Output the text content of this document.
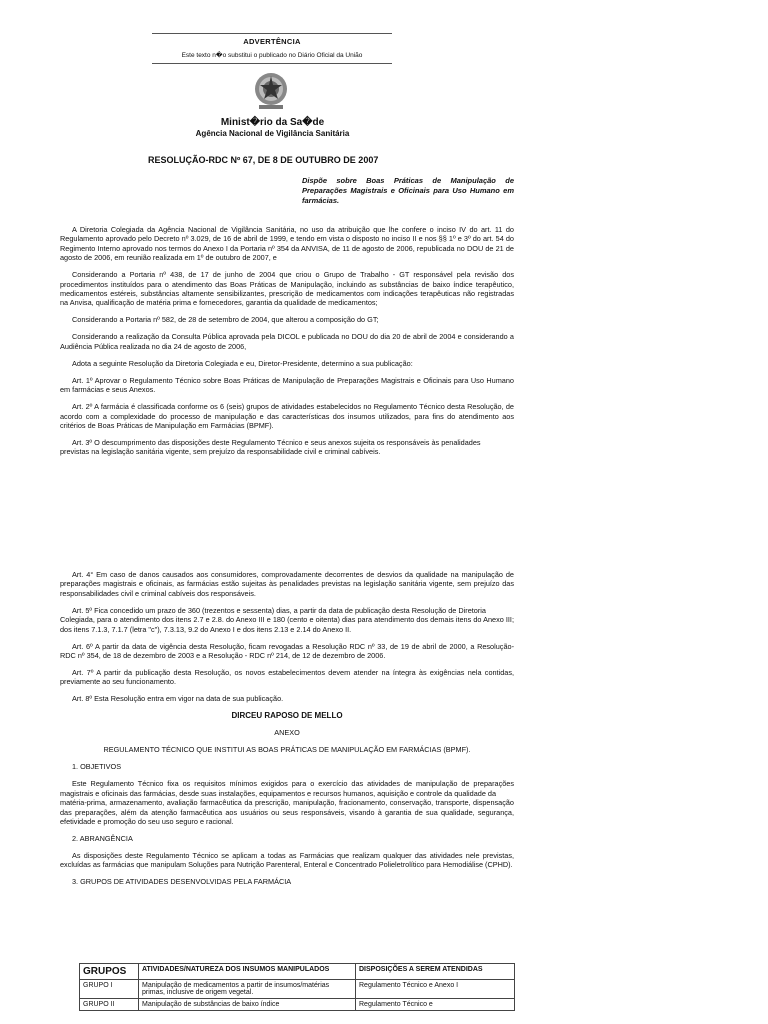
ADVERTÊNCIA
Este texto n�o substitui o publicado no Diário Oficial da União
Minist�rio da Sa�de
Agência Nacional de Vigilância Sanitária
RESOLUÇÃO-RDC Nº 67, DE 8 DE OUTUBRO DE 2007
Dispõe sobre Boas Práticas de Manipulação de Preparações Magistrais e Oficinais para Uso Humano em farmácias.

A Diretoria Colegiada da Agência Nacional de Vigilância Sanitária, no uso da atribuição que lhe confere o inciso IV do art. 11 do Regulamento aprovado pelo Decreto nº 3.029, de 16 de abril de 1999, e tendo em vista o disposto no inciso II e nos §§ 1º e 3º do art. 54 do Regimento Interno aprovado nos termos do Anexo I da Portaria nº 354 da ANVISA, de 11 de agosto de 2006, republicada no DOU de 21 de agosto de 2006, em reunião realizada em 1º de outubro de 2007, e

Considerando a Portaria nº 438, de 17 de junho de 2004 que criou o Grupo de Trabalho - GT responsável pela revisão dos procedimentos instituídos para o atendimento das Boas Práticas de Manipulação, incluindo as substâncias de baixo índice terapêutico, medicamentos estéreis, substâncias altamente sensibilizantes, prescrição de medicamentos com indicações terapêuticas não registradas na Anvisa, qualificação de matéria prima e fornecedores, garantia da qualidade de medicamentos;

Considerando a Portaria nº 582, de 28 de setembro de 2004, que alterou a composição do GT;

Considerando a realização da Consulta Pública aprovada pela DICOL e publicada no DOU do dia 20 de abril de 2004 e considerando a Audiência Pública realizada no dia 24 de agosto de 2006,

Adota a seguinte Resolução da Diretoria Colegiada e eu, Diretor-Presidente, determino a sua publicação:

Art. 1º Aprovar o Regulamento Técnico sobre Boas Práticas de Manipulação de Preparações Magistrais e Oficinais para Uso Humano em farmácias e seus Anexos.

Art. 2º A farmácia é classificada conforme os 6 (seis) grupos de atividades estabelecidos no Regulamento Técnico desta Resolução, de acordo com a complexidade do processo de manipulação e das características dos insumos utilizados, para fins do atendimento aos critérios de Boas Práticas de Manipulação em Farmácias (BPMF).

Art. 3º O descumprimento das disposições deste Regulamento Técnico e seus anexos sujeita os responsáveis às penalidades
previstas na legislação sanitária vigente, sem prejuízo da responsabilidade civil e criminal cabíveis.

Art. 4° Em caso de danos causados aos consumidores, comprovadamente decorrentes de desvios da qualidade na manipulação de preparações magistrais e oficinais, as farmácias estão sujeitas às penalidades previstas na legislação sanitária vigente, sem prejuízo das responsabilidades civil e criminal cabíveis dos responsáveis.

Art. 5º Fica concedido um prazo de 360 (trezentos e sessenta) dias, a partir da data de publicação desta Resolução de Diretoria
Colegiada, para o atendimento dos itens 2.7 e 2.8. do Anexo III e 180 (cento e oitenta) dias para atendimento dos demais itens do Anexo III; dos itens 7.1.3, 7.1.7 (letra "c"), 7.3.13, 9.2 do Anexo I e dos itens 2.13 e 2.14 do Anexo II.

Art. 6º A partir da data de vigência desta Resolução, ficam revogadas a Resolução RDC nº 33, de 19 de abril de 2000, a Resolução- RDC nº 354, de 18 de dezembro de 2003 e a Resolução - RDC nº 214, de 12 de dezembro de 2006.

Art. 7º A partir da publicação desta Resolução, os novos estabelecimentos devem atender na íntegra às exigências nela contidas, previamente ao seu funcionamento.

Art. 8º Esta Resolução entra em vigor na data de sua publicação.

DIRCEU RAPOSO DE MELLO

ANEXO

REGULAMENTO TÉCNICO QUE INSTITUI AS BOAS PRÁTICAS DE MANIPULAÇÃO EM FARMÁCIAS (BPMF).

1. OBJETIVOS

Este Regulamento Técnico fixa os requisitos mínimos exigidos para o exercício das atividades de manipulação de preparações magistrais e oficinais das farmácias, desde suas instalações, equipamentos e recursos humanos, aquisição e controle da qualidade da
matéria-prima, armazenamento, avaliação farmacêutica da prescrição, manipulação, fracionamento, conservação, transporte, dispensação das preparações, além da atenção farmacêutica aos usuários ou seus responsáveis, visando à garantia de sua qualidade, segurança, efetividade e promoção do seu uso seguro e racional.

2. ABRANGÊNCIA

As disposições deste Regulamento Técnico se aplicam a todas as Farmácias que realizam qualquer das atividades nele previstas, excluídas as farmácias que manipulam Soluções para Nutrição Parenteral, Enteral e Concentrado Polieletrolítico para Hemodiálise (CPHD).

3. GRUPOS DE ATIVIDADES DESENVOLVIDAS PELA FARMÁCIA

GRUPOS	ATIVIDADES/NATUREZA DOS INSUMOS MANIPULADOS	DISPOSIÇÕES A SEREM ATENDIDAS
GRUPO I	Manipulação de medicamentos a partir de insumos/matérias primas, inclusive de origem vegetal.	Regulamento Técnico e Anexo I
GRUPO II	Manipulação de substâncias de baixo índice	Regulamento Técnico e
